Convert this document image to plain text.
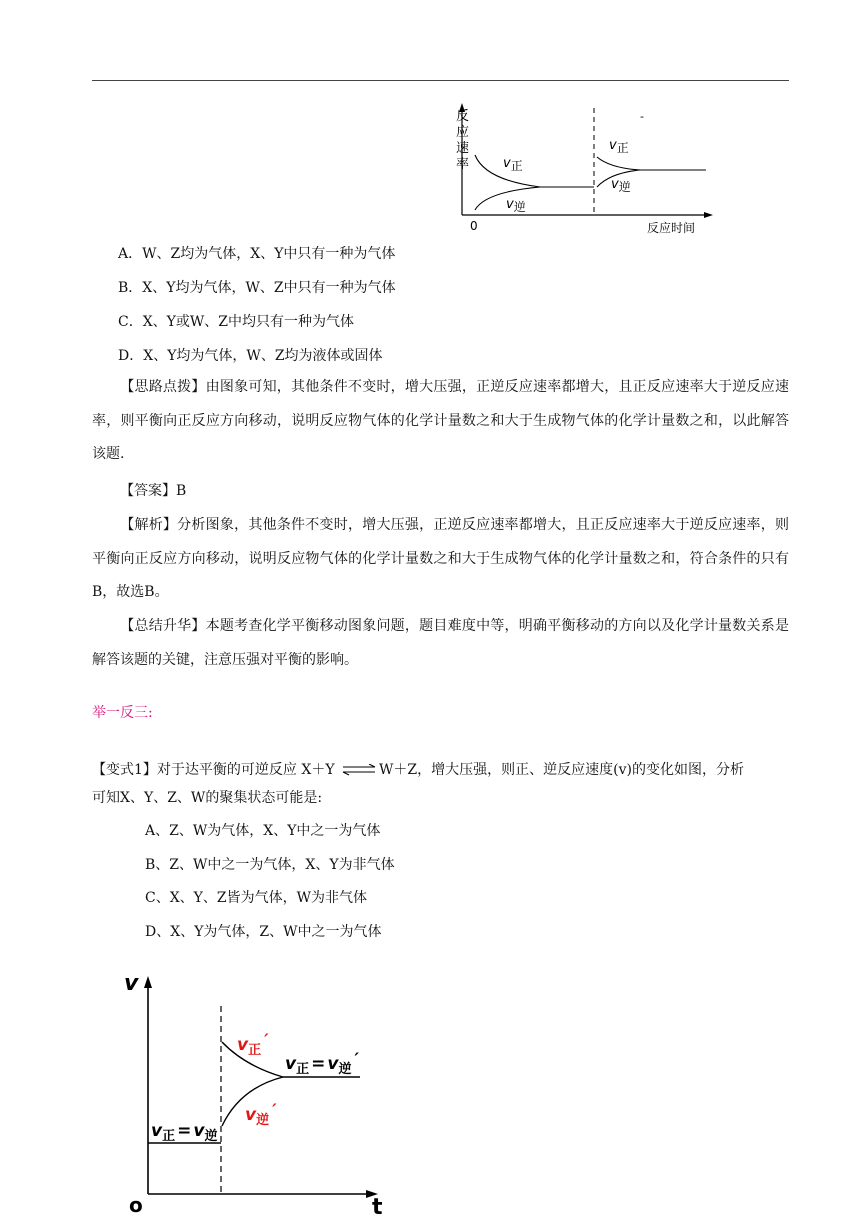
反
应
速
率
0	反应时间
v正
v逆
v正
v逆
-
A．W、Z均为气体，X、Y中只有一种为气体
B．X、Y均为气体，W、Z中只有一种为气体
C．X、Y或W、Z中均只有一种为气体
D．X、Y均为气体，W、Z均为液体或固体
【思路点拨】由图象可知，其他条件不变时，增大压强，正逆反应速率都增大，且正反应速率大于逆反应速率，则平衡向正反应方向移动，说明反应物气体的化学计量数之和大于生成物气体的化学计量数之和，以此解答该题.
【答案】B
【解析】分析图象，其他条件不变时，增大压强，正逆反应速率都增大，且正反应速率大于逆反应速率，则平衡向正反应方向移动，说明反应物气体的化学计量数之和大于生成物气体的化学计量数之和，符合条件的只有B，故选B。
【总结升华】本题考查化学平衡移动图象问题，题目难度中等，明确平衡移动的方向以及化学计量数关系是解答该题的关键，注意压强对平衡的影响。
举一反三:
【变式1】对于达平衡的可逆反应 X＋Y ⇌ W＋Z，增大压强，则正、逆反应速度(v)的变化如图，分析
可知X、Y、Z、W的聚集状态可能是:
A、Z、W为气体，X、Y中之一为气体
B、Z、W中之一为气体，X、Y为非气体
C、X、Y、Z皆为气体，W为非气体
D、X、Y为气体，Z、W中之一为气体
v
t
o
$v_正$ ′
$v_逆$ ′
$v_正 = v_逆$ ′
$v_正 = v_逆$
